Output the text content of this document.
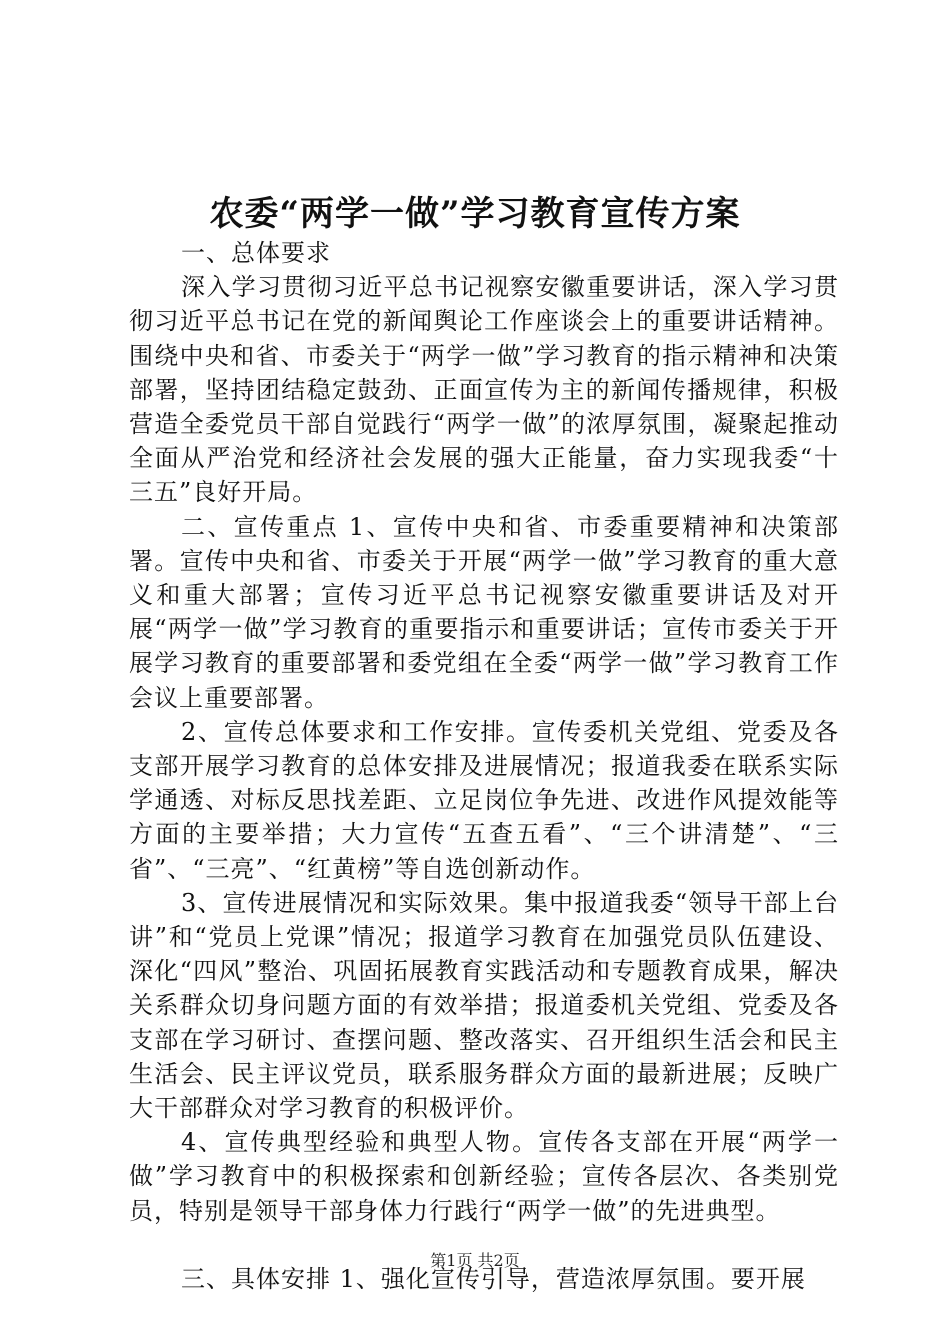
农委“两学一做”学习教育宣传方案

一、总体要求

深入学习贯彻习近平总书记视察安徽重要讲话，深入学习贯彻习近平总书记在党的新闻舆论工作座谈会上的重要讲话精神。围绕中央和省、市委关于“两学一做”学习教育的指示精神和决策部署，坚持团结稳定鼓劲、正面宣传为主的新闻传播规律，积极营造全委党员干部自觉践行“两学一做”的浓厚氛围，凝聚起推动全面从严治党和经济社会发展的强大正能量，奋力实现我委“十三五”良好开局。

二、宣传重点 1、宣传中央和省、市委重要精神和决策部署。宣传中央和省、市委关于开展“两学一做”学习教育的重大意义和重大部署；宣传习近平总书记视察安徽重要讲话及对开展“两学一做”学习教育的重要指示和重要讲话；宣传市委关于开展学习教育的重要部署和委党组在全委“两学一做”学习教育工作会议上重要部署。

2、宣传总体要求和工作安排。宣传委机关党组、党委及各支部开展学习教育的总体安排及进展情况；报道我委在联系实际学通透、对标反思找差距、立足岗位争先进、改进作风提效能等方面的主要举措；大力宣传“五查五看”、“三个讲清楚”、“三省”、“三亮”、“红黄榜”等自选创新动作。

3、宣传进展情况和实际效果。集中报道我委“领导干部上台讲”和“党员上党课”情况；报道学习教育在加强党员队伍建设、深化“四风”整治、巩固拓展教育实践活动和专题教育成果，解决关系群众切身问题方面的有效举措；报道委机关党组、党委及各支部在学习研讨、查摆问题、整改落实、召开组织生活会和民主生活会、民主评议党员，联系服务群众方面的最新进展；反映广大干部群众对学习教育的积极评价。

4、宣传典型经验和典型人物。宣传各支部在开展“两学一做”学习教育中的积极探索和创新经验；宣传各层次、各类别党员，特别是领导干部身体力行践行“两学一做”的先进典型。

三、具体安排 1、强化宣传引导，营造浓厚氛围。要开展

第1页 共2页
